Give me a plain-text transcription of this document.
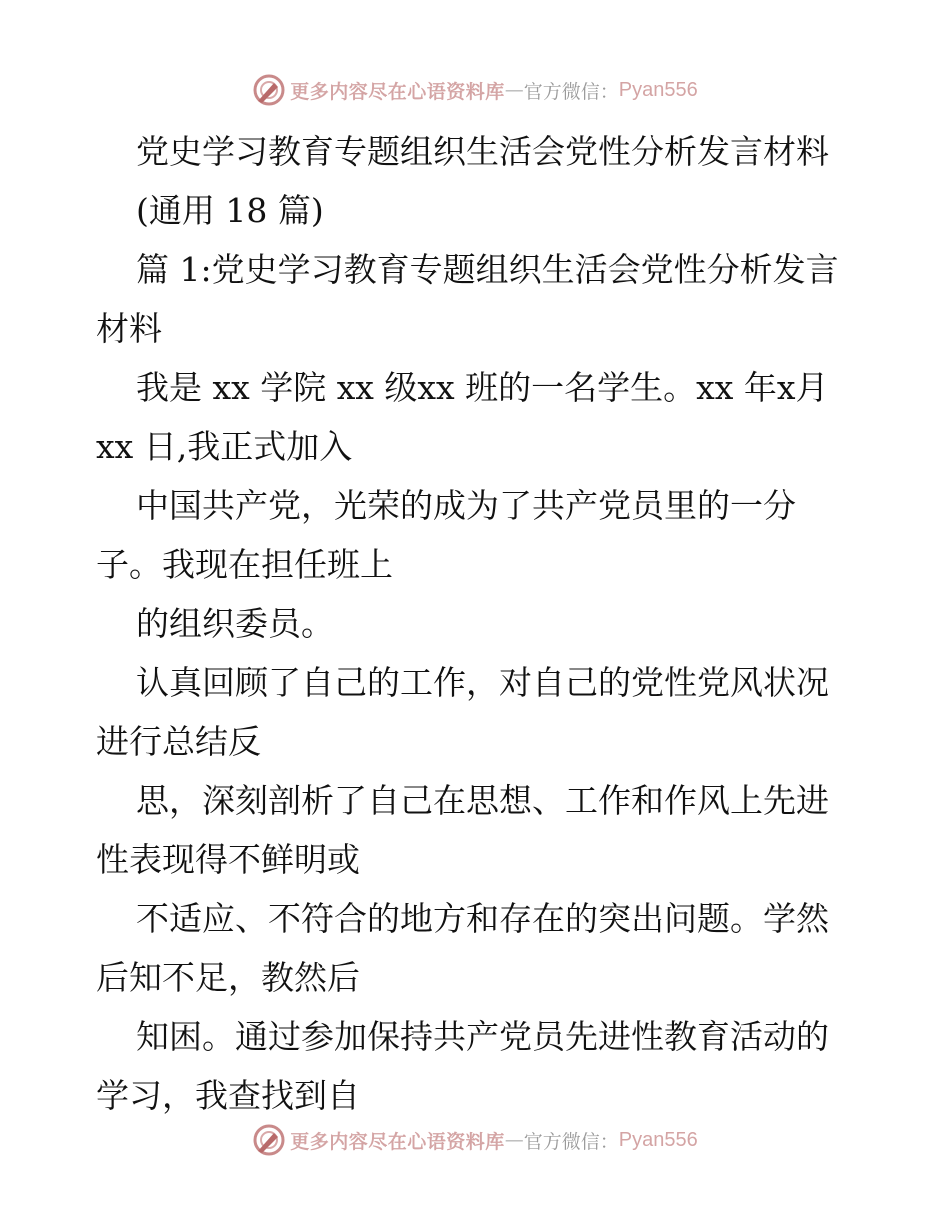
更多内容尽在心语资料库 — 官方微信： Pyan556

党史学习教育专题组织生活会党性分析发言材料
(通用 18 篇)

篇 1:党史学习教育专题组织生活会党性分析发言材料

我是 xx 学院 xx 级xx 班的一名学生。xx 年x月xx 日,我正式加入

中国共产党，光荣的成为了共产党员里的一分子。我现在担任班上

的组织委员。

认真回顾了自己的工作，对自己的党性党风状况进行总结反

思，深刻剖析了自己在思想、工作和作风上先进性表现得不鲜明或

不适应、不符合的地方和存在的突出问题。学然后知不足，教然后

知困。通过参加保持共产党员先进性教育活动的学习，我查找到自

更多内容尽在心语资料库 — 官方微信： Pyan556
